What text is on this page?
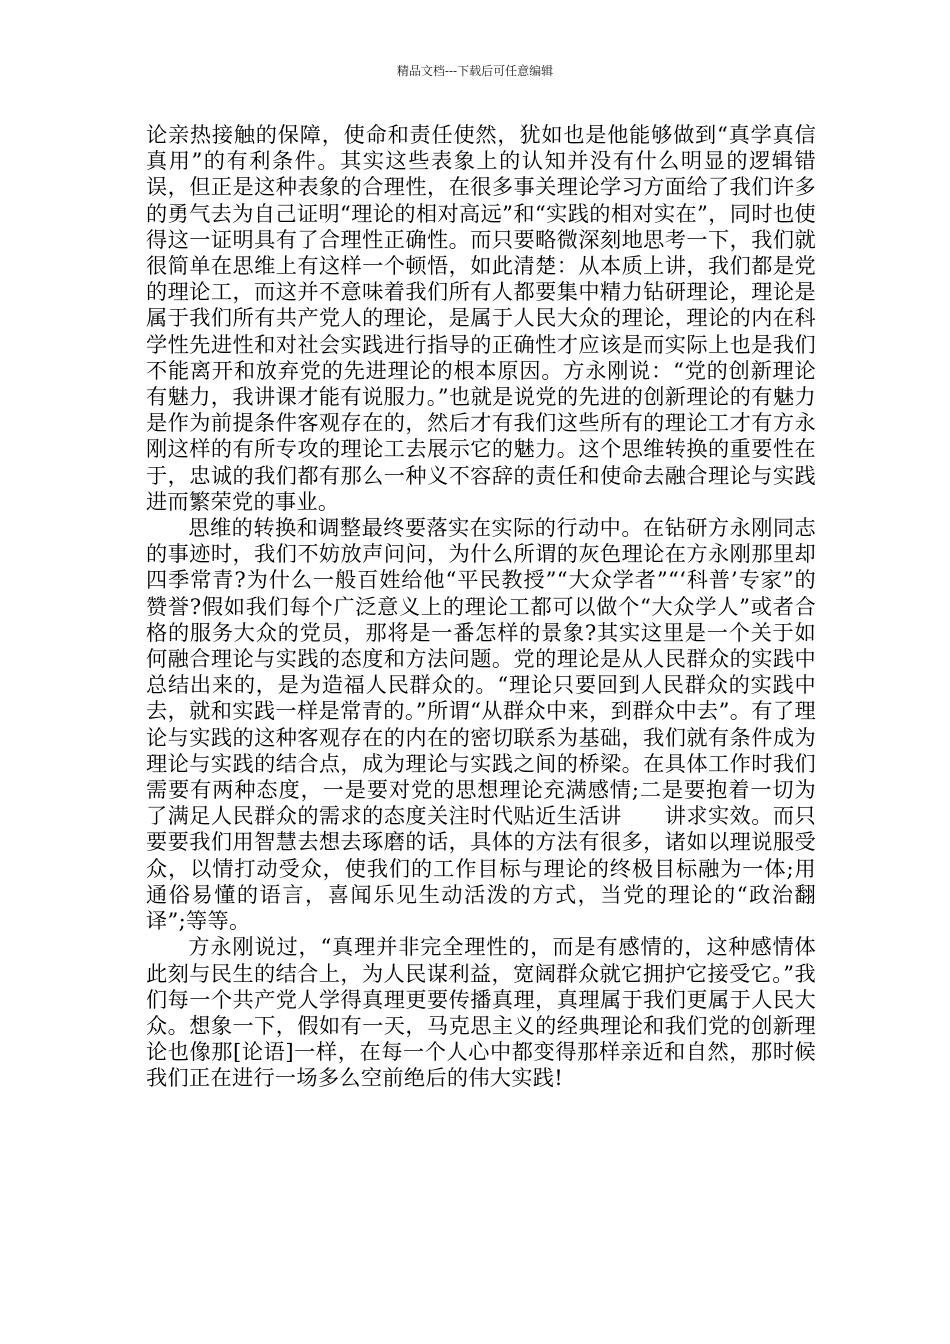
精品文档---下载后可任意编辑

论亲热接触的保障，使命和责任使然，犹如也是他能够做到“真学真信真用”的有利条件。其实这些表象上的认知并没有什么明显的逻辑错误，但正是这种表象的合理性，在很多事关理论学习方面给了我们许多的勇气去为自己证明“理论的相对高远”和“实践的相对实在”，同时也使得这一证明具有了合理性正确性。而只要略微深刻地思考一下，我们就很简单在思维上有这样一个顿悟，如此清楚：从本质上讲，我们都是党的理论工，而这并不意味着我们所有人都要集中精力钻研理论，理论是属于我们所有共产党人的理论，是属于人民大众的理论，理论的内在科学性先进性和对社会实践进行指导的正确性才应该是而实际上也是我们不能离开和放弃党的先进理论的根本原因。方永刚说：“党的创新理论有魅力，我讲课才能有说服力。”也就是说党的先进的创新理论的有魅力是作为前提条件客观存在的，然后才有我们这些所有的理论工才有方永刚这样的有所专攻的理论工去展示它的魅力。这个思维转换的重要性在于，忠诚的我们都有那么一种义不容辞的责任和使命去融合理论与实践进而繁荣党的事业。

思维的转换和调整最终要落实在实际的行动中。在钻研方永刚同志的事迹时，我们不妨放声问问，为什么所谓的灰色理论在方永刚那里却四季常青?为什么一般百姓给他“平民教授”“大众学者”“‘科普’专家”的赞誉?假如我们每个广泛意义上的理论工都可以做个“大众学人”或者合格的服务大众的党员，那将是一番怎样的景象?其实这里是一个关于如何融合理论与实践的态度和方法问题。党的理论是从人民群众的实践中总结出来的，是为造福人民群众的。“理论只要回到人民群众的实践中去，就和实践一样是常青的。”所谓“从群众中来，到群众中去”。有了理论与实践的这种客观存在的内在的密切联系为基础，我们就有条件成为理论与实践的结合点，成为理论与实践之间的桥梁。在具体工作时我们需要有两种态度，一是要对党的思想理论充满感情;二是要抱着一切为了满足人民群众的需求的态度关注时代贴近生活讲　　讲求实效。而只要要我们用智慧去想去琢磨的话，具体的方法有很多，诸如以理说服受众，以情打动受众，使我们的工作目标与理论的终极目标融为一体;用通俗易懂的语言，喜闻乐见生动活泼的方式，当党的理论的“政治翻译”;等等。

方永刚说过，“真理并非完全理性的，而是有感情的，这种感情体此刻与民生的结合上，为人民谋利益，宽阔群众就它拥护它接受它。”我们每一个共产党人学得真理更要传播真理，真理属于我们更属于人民大众。想象一下，假如有一天，马克思主义的经典理论和我们党的创新理论也像那[论语]一样，在每一个人心中都变得那样亲近和自然，那时候我们正在进行一场多么空前绝后的伟大实践!
